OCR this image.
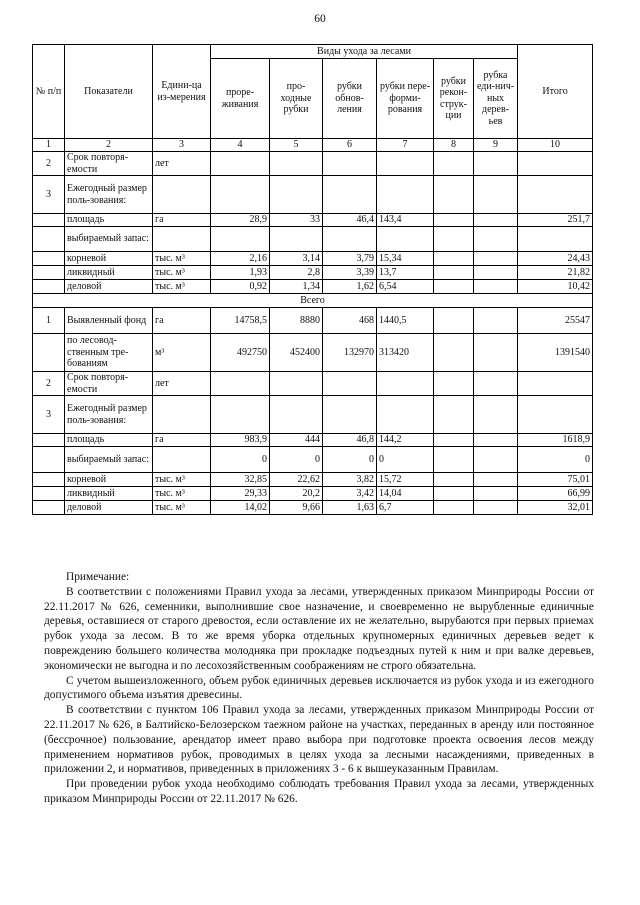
60
№ п/п	Показатели	Едини-ца из-мерения	Виды ухода за лесами						Итого
			проре-живания	про-ходные рубки	рубки обнов-ления	рубки пере-форми-рования	рубки рекон-струк-ции	рубка еди-нич-ных дерев-ьев	
1	2	3	4	5	6	7	8	9	10
2	Срок повторя-емости	лет							
3	Ежегодный размер поль-зования:								
	площадь	га	28,9	33	46,4	143,4			251,7
	выбираемый запас:								
	корневой	тыс. м³	2,16	3,14	3,79	15,34			24,43
	ликвидный	тыс. м³	1,93	2,8	3,39	13,7			21,82
	деловой	тыс. м³	0,92	1,34	1,62	6,54			10,42
Всего									
1	Выявленный фонд	га	14758,5	8880	468	1440,5			25547
	по лесовод-ственным тре-бованиям	м³	492750	452400	132970	313420			1391540
2	Срок повторя-емости	лет							
3	Ежегодный размер поль-зования:								
	площадь	га	983,9	444	46,8	144,2			1618,9
	выбираемый запас:		0	0	0	0			0
	корневой	тыс. м³	32,85	22,62	3,82	15,72			75,01
	ликвидный	тыс. м³	29,33	20,2	3,42	14,04			66,99
	деловой	тыс. м³	14,02	9,66	1,63	6,7			32,01

Примечание:

В соответствии с положениями Правил ухода за лесами, утвержденных приказом Минприроды России от 22.11.2017 № 626, семенники, выполнившие свое назначение, и своевременно не вырубленные единичные деревья, оставшиеся от старого древостоя, если оставление их не желательно, вырубаются при первых приемах рубок ухода за лесом. В то же время уборка отдельных крупномерных единичных деревьев ведет к повреждению большего количества молодняка при прокладке подъездных путей к ним и при валке деревьев, экономически не выгодна и по лесохозяйственным соображениям не строго обязательна.

С учетом вышеизложенного, объем рубок единичных деревьев исключается из рубок ухода и из ежегодного допустимого объема изъятия древесины.

В соответствии с пунктом 106 Правил ухода за лесами, утвержденных приказом Минприроды России от 22.11.2017 № 626, в Балтийско-Белозерском таежном районе на участках, переданных в аренду или постоянное (бессрочное) пользование, арендатор имеет право выбора при подготовке проекта освоения лесов между применением нормативов рубок, проводимых в целях ухода за лесными насаждениями, приведенных в приложении 2, и нормативов, приведенных в приложениях 3 - 6 к вышеуказанным Правилам.

При проведении рубок ухода необходимо соблюдать требования Правил ухода за лесами, утвержденных приказом Минприроды России от 22.11.2017 № 626.
